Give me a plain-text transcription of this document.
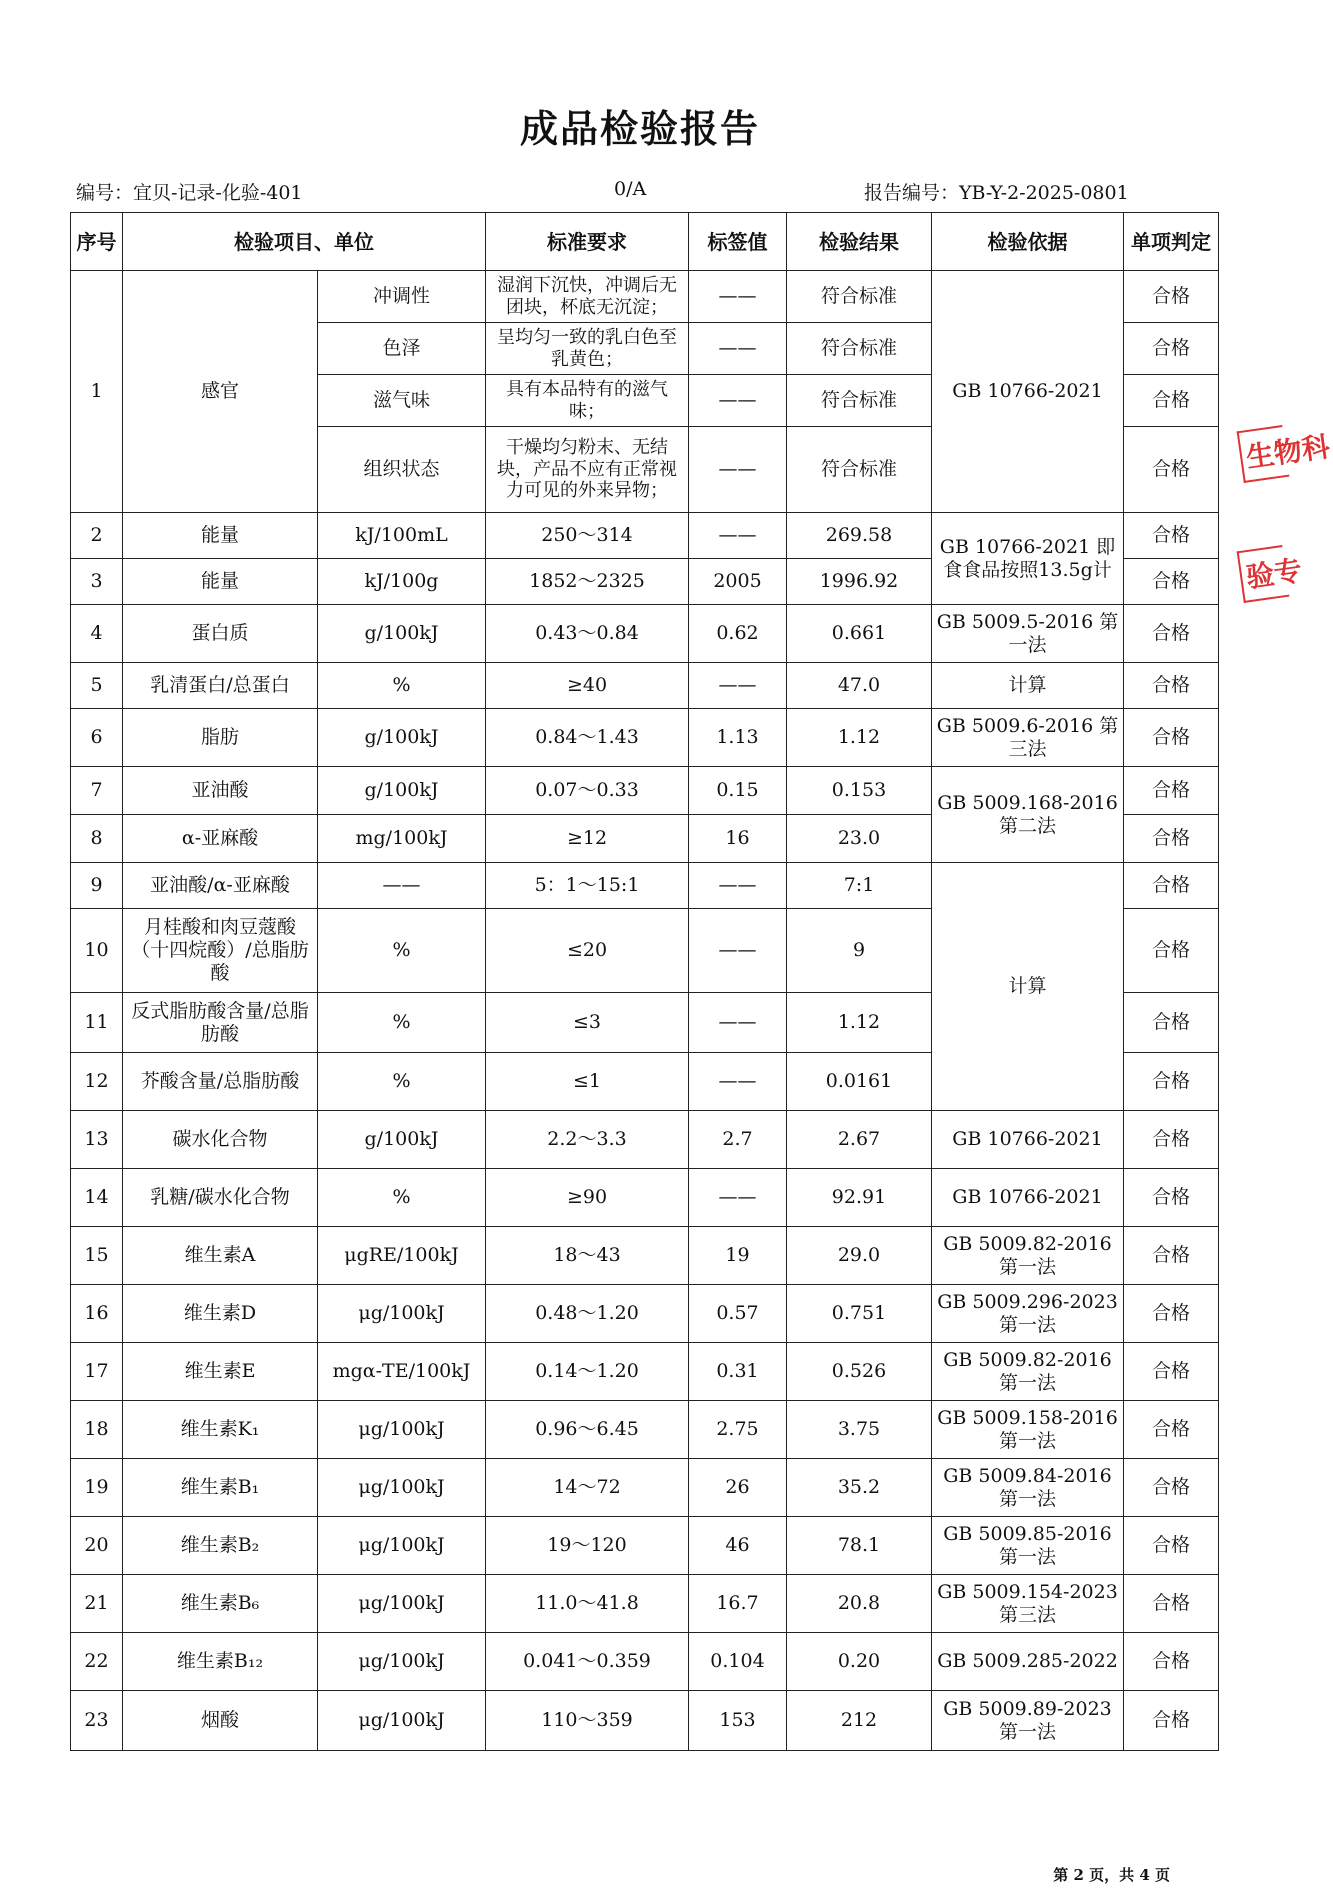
成品检验报告
编号：宜贝-记录-化验-401	0/A	报告编号：YB-Y-2-2025-0801
序号	检验项目、单位		标准要求	标签值	检验结果	检验依据	单项判定
1	感官	冲调性	湿润下沉快，冲调后无团块，杯底无沉淀；	——	符合标准	GB 10766-2021	合格
		色泽	呈均匀一致的乳白色至乳黄色；	——	符合标准		合格
		滋气味	具有本品特有的滋气味；	——	符合标准		合格
		组织状态	干燥均匀粉末、无结块，产品不应有正常视力可见的外来异物；	——	符合标准		合格
2	能量	kJ/100mL	250～314	——	269.58	GB 10766-2021 即食食品按照13.5g计	合格
3	能量	kJ/100g	1852～2325	2005	1996.92		合格
4	蛋白质	g/100kJ	0.43～0.84	0.62	0.661	GB 5009.5-2016 第一法	合格
5	乳清蛋白/总蛋白	%	≥40	——	47.0	计算	合格
6	脂肪	g/100kJ	0.84～1.43	1.13	1.12	GB 5009.6-2016 第三法	合格
7	亚油酸	g/100kJ	0.07～0.33	0.15	0.153	GB 5009.168-2016 第二法	合格
8	α-亚麻酸	mg/100kJ	≥12	16	23.0		合格
9	亚油酸/α-亚麻酸	——	5：1～15:1	——	7:1	计算	合格
10	月桂酸和肉豆蔻酸（十四烷酸）/总脂肪酸	%	≤20	——	9		合格
11	反式脂肪酸含量/总脂肪酸	%	≤3	——	1.12		合格
12	芥酸含量/总脂肪酸	%	≤1	——	0.0161		合格
13	碳水化合物	g/100kJ	2.2～3.3	2.7	2.67	GB 10766-2021	合格
14	乳糖/碳水化合物	%	≥90	——	92.91	GB 10766-2021	合格
15	维生素A	μgRE/100kJ	18～43	19	29.0	GB 5009.82-2016 第一法	合格
16	维生素D	μg/100kJ	0.48～1.20	0.57	0.751	GB 5009.296-2023 第一法	合格
17	维生素E	mgα-TE/100kJ	0.14～1.20	0.31	0.526	GB 5009.82-2016 第一法	合格
18	维生素K₁	μg/100kJ	0.96～6.45	2.75	3.75	GB 5009.158-2016 第一法	合格
19	维生素B₁	μg/100kJ	14～72	26	35.2	GB 5009.84-2016 第一法	合格
20	维生素B₂	μg/100kJ	19～120	46	78.1	GB 5009.85-2016 第一法	合格
21	维生素B₆	μg/100kJ	11.0～41.8	16.7	20.8	GB 5009.154-2023 第三法	合格
22	维生素B₁₂	μg/100kJ	0.041～0.359	0.104	0.20	GB 5009.285-2022	合格
23	烟酸	μg/100kJ	110～359	153	212	GB 5009.89-2023 第一法	合格
第 2 页，共 4 页
生物科
验专
